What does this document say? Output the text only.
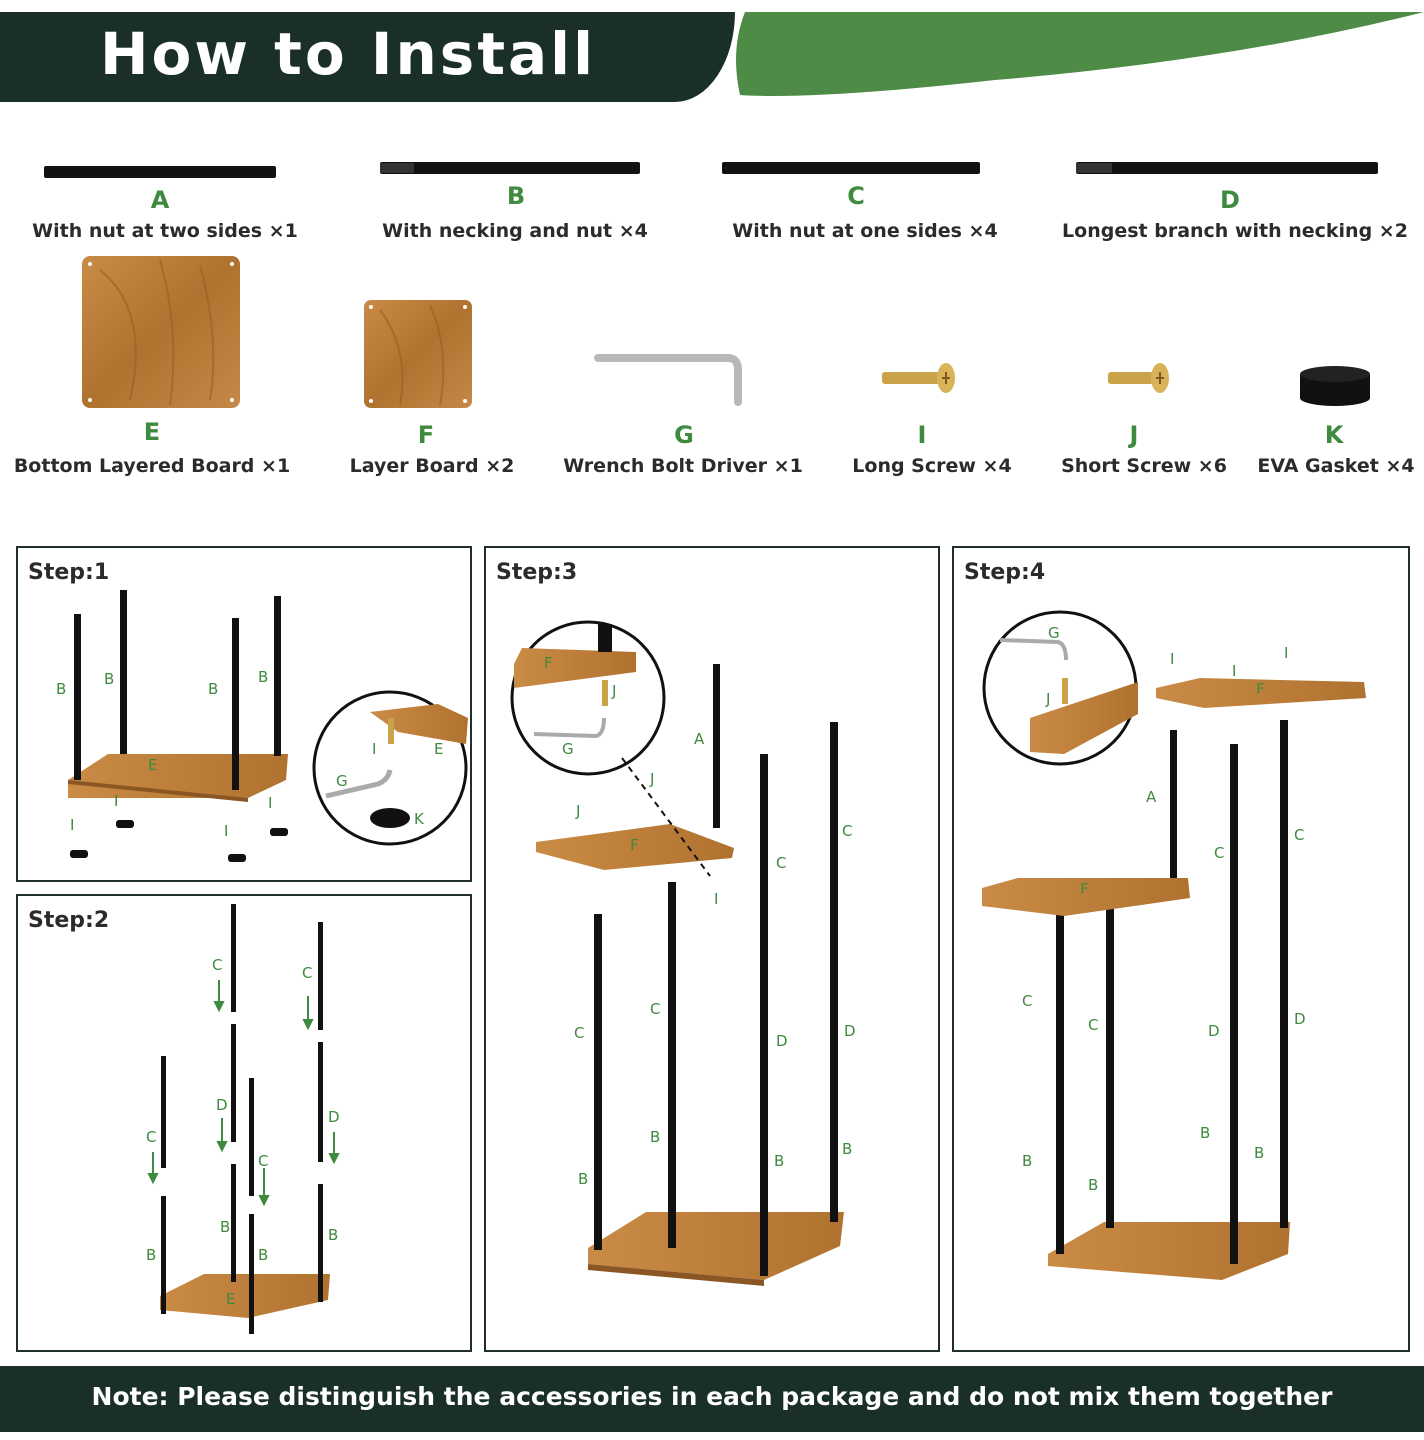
How to Install
A
With nut at two sides ×1
B
With necking and nut ×4
C
With nut at one sides ×4
D
Longest branch with necking ×2
E
Bottom Layered Board ×1
F
Layer Board ×2
G
Wrench Bolt Driver ×1
I
Long Screw ×4
J
Short Screw ×6
K
EVA Gasket ×4
Step:1
B
B
B
B
E
I
I	I
I
I	E
G
K
Step:2
C
C
D
C
C
D
B
B
B
B
E
Step:3
F
J
G
A
J
J
F
I
C
C
C
C
D
D
B
B
B
B
Step:4
G
J
I
I
I
F
A
C
C
F
C
C	D
D
B
B
B
B
Note: Please distinguish the accessories in each package and do not mix them together
